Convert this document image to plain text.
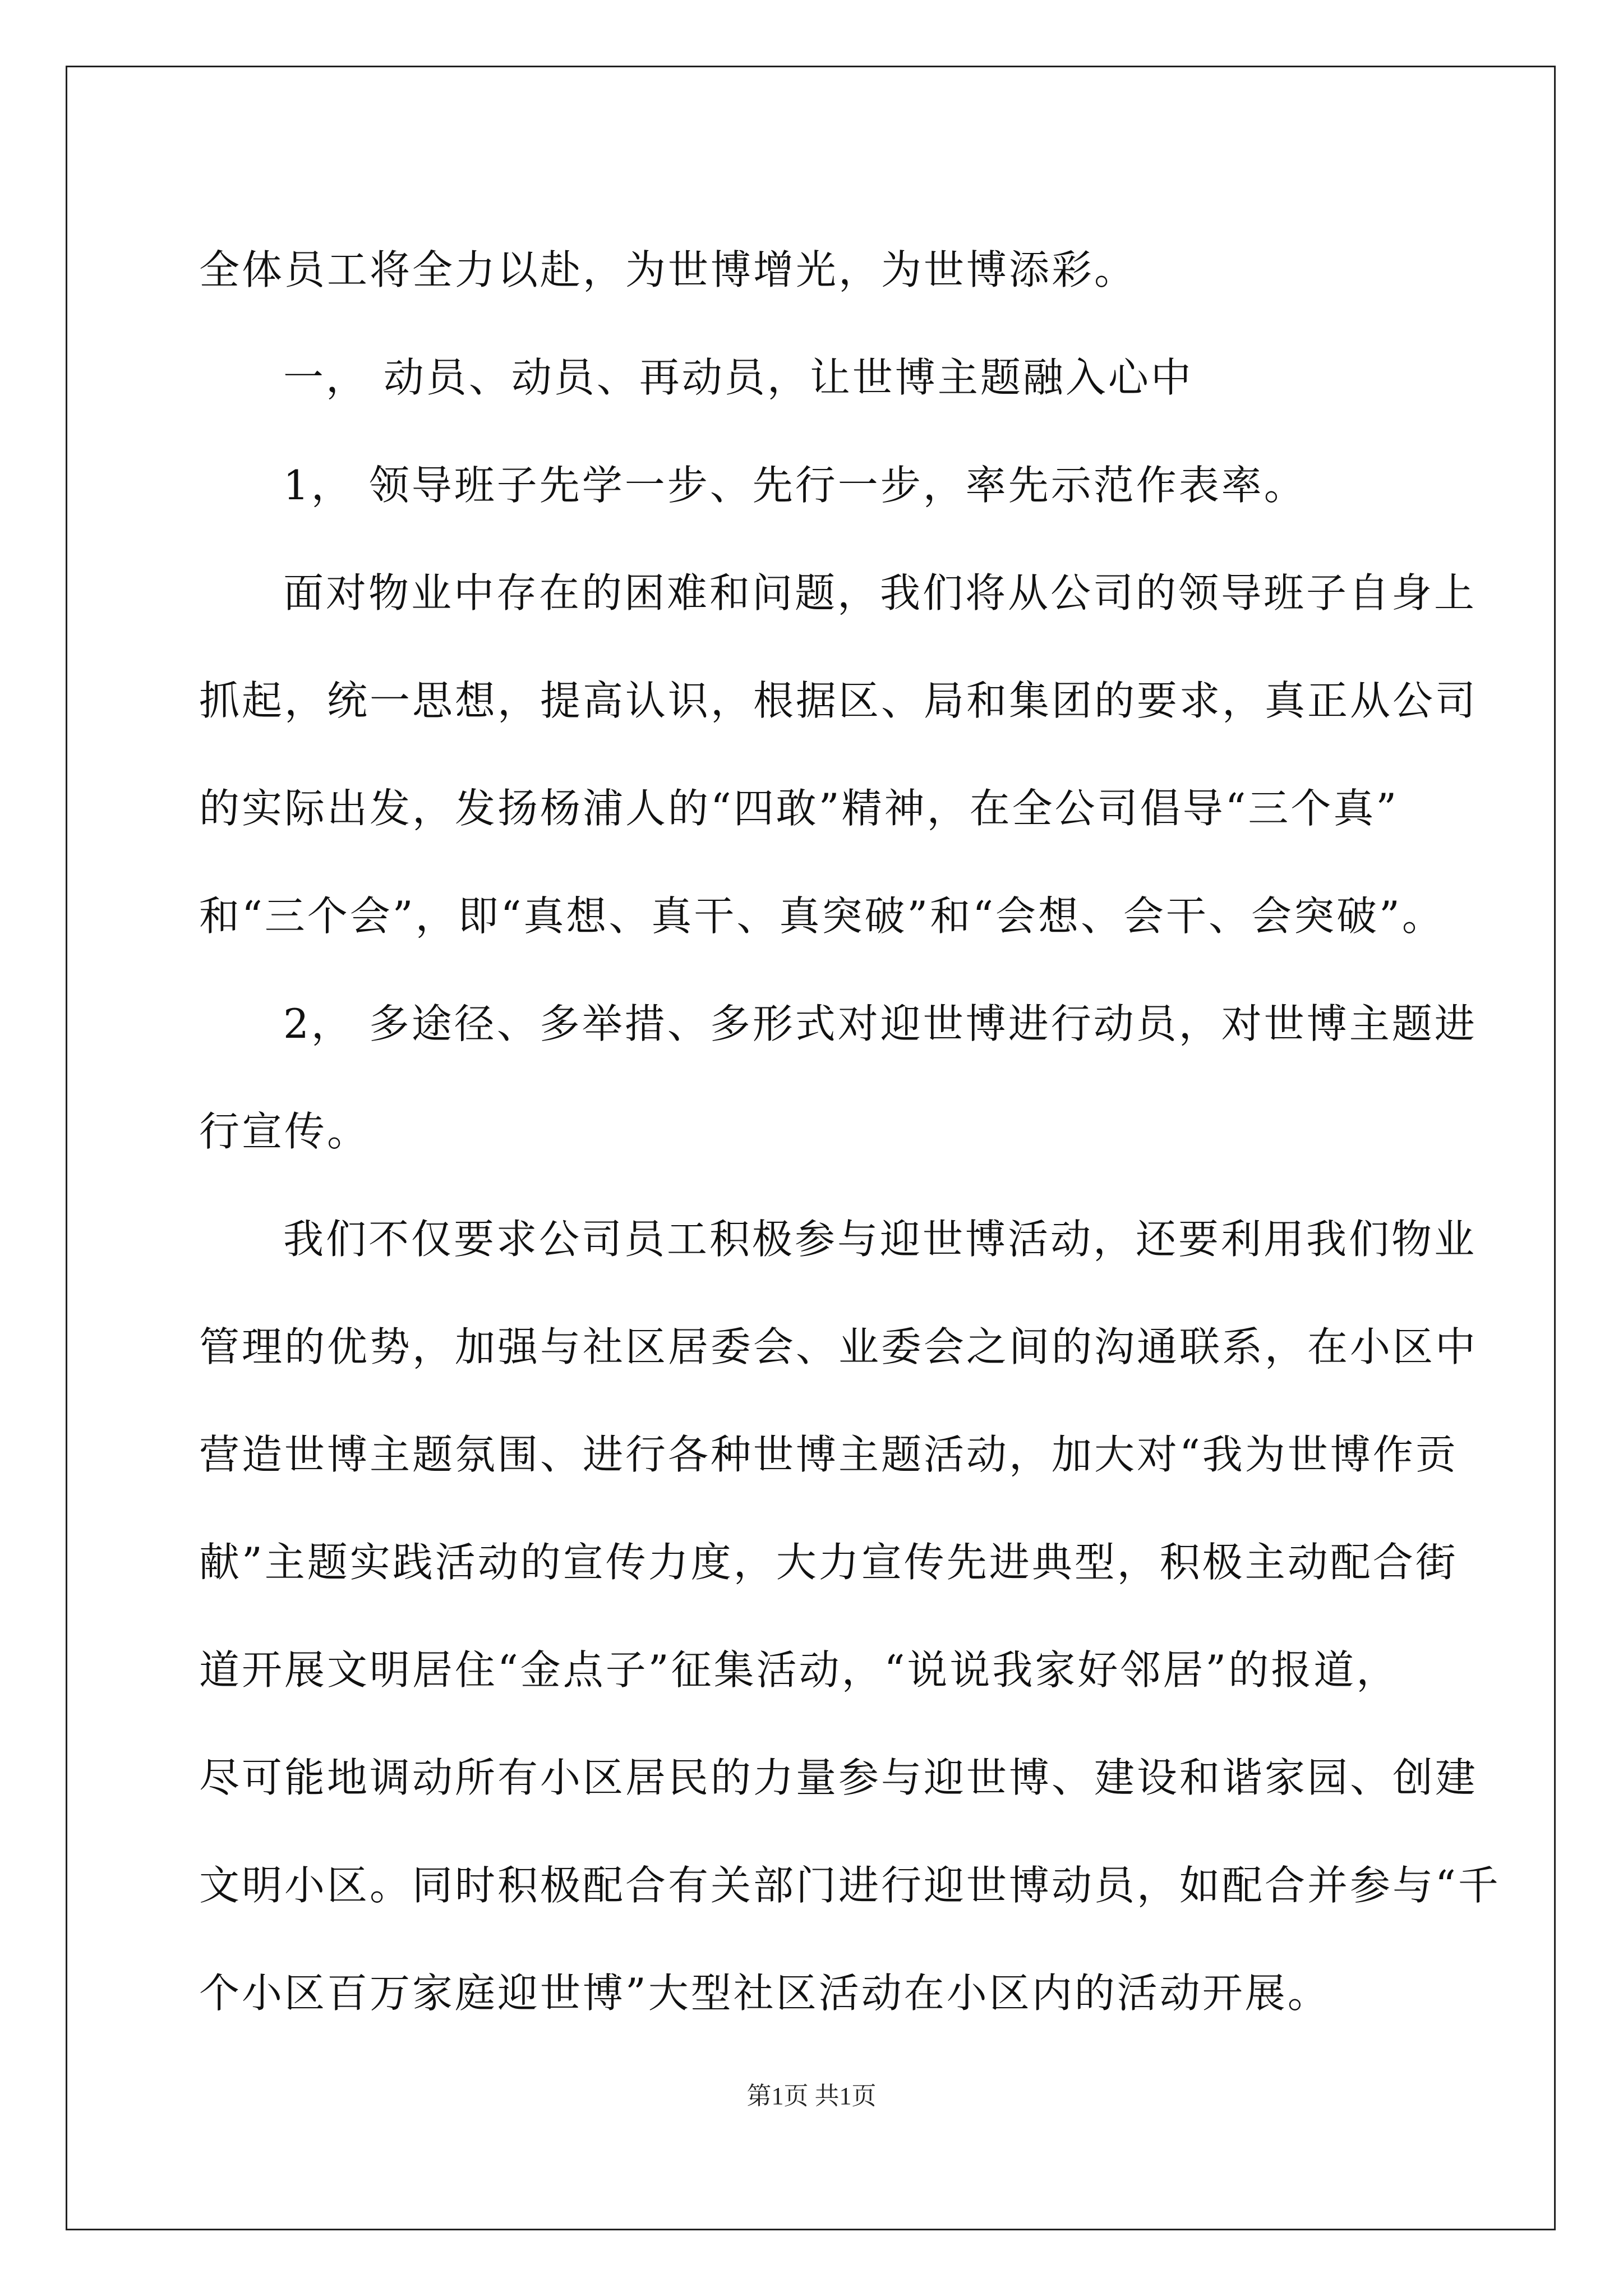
全体员工将全力以赴，为世博增光，为世博添彩。
一， 动员、动员、再动员，让世博主题融入心中
1， 领导班子先学一步、先行一步，率先示范作表率。
面对物业中存在的困难和问题，我们将从公司的领导班子自身上
抓起，统一思想，提高认识，根据区、局和集团的要求，真正从公司
的实际出发，发扬杨浦人的“四敢”精神，在全公司倡导“三个真”
和“三个会”，即“真想、真干、真突破”和“会想、会干、会突破”。
2， 多途径、多举措、多形式对迎世博进行动员，对世博主题进
行宣传。
我们不仅要求公司员工积极参与迎世博活动，还要利用我们物业
管理的优势，加强与社区居委会、业委会之间的沟通联系，在小区中
营造世博主题氛围、进行各种世博主题活动，加大对“我为世博作贡
献”主题实践活动的宣传力度，大力宣传先进典型，积极主动配合街
道开展文明居住“金点子”征集活动，“说说我家好邻居”的报道，
尽可能地调动所有小区居民的力量参与迎世博、建设和谐家园、创建
文明小区。同时积极配合有关部门进行迎世博动员，如配合并参与“千
个小区百万家庭迎世博”大型社区活动在小区内的活动开展。
第1页 共1页
